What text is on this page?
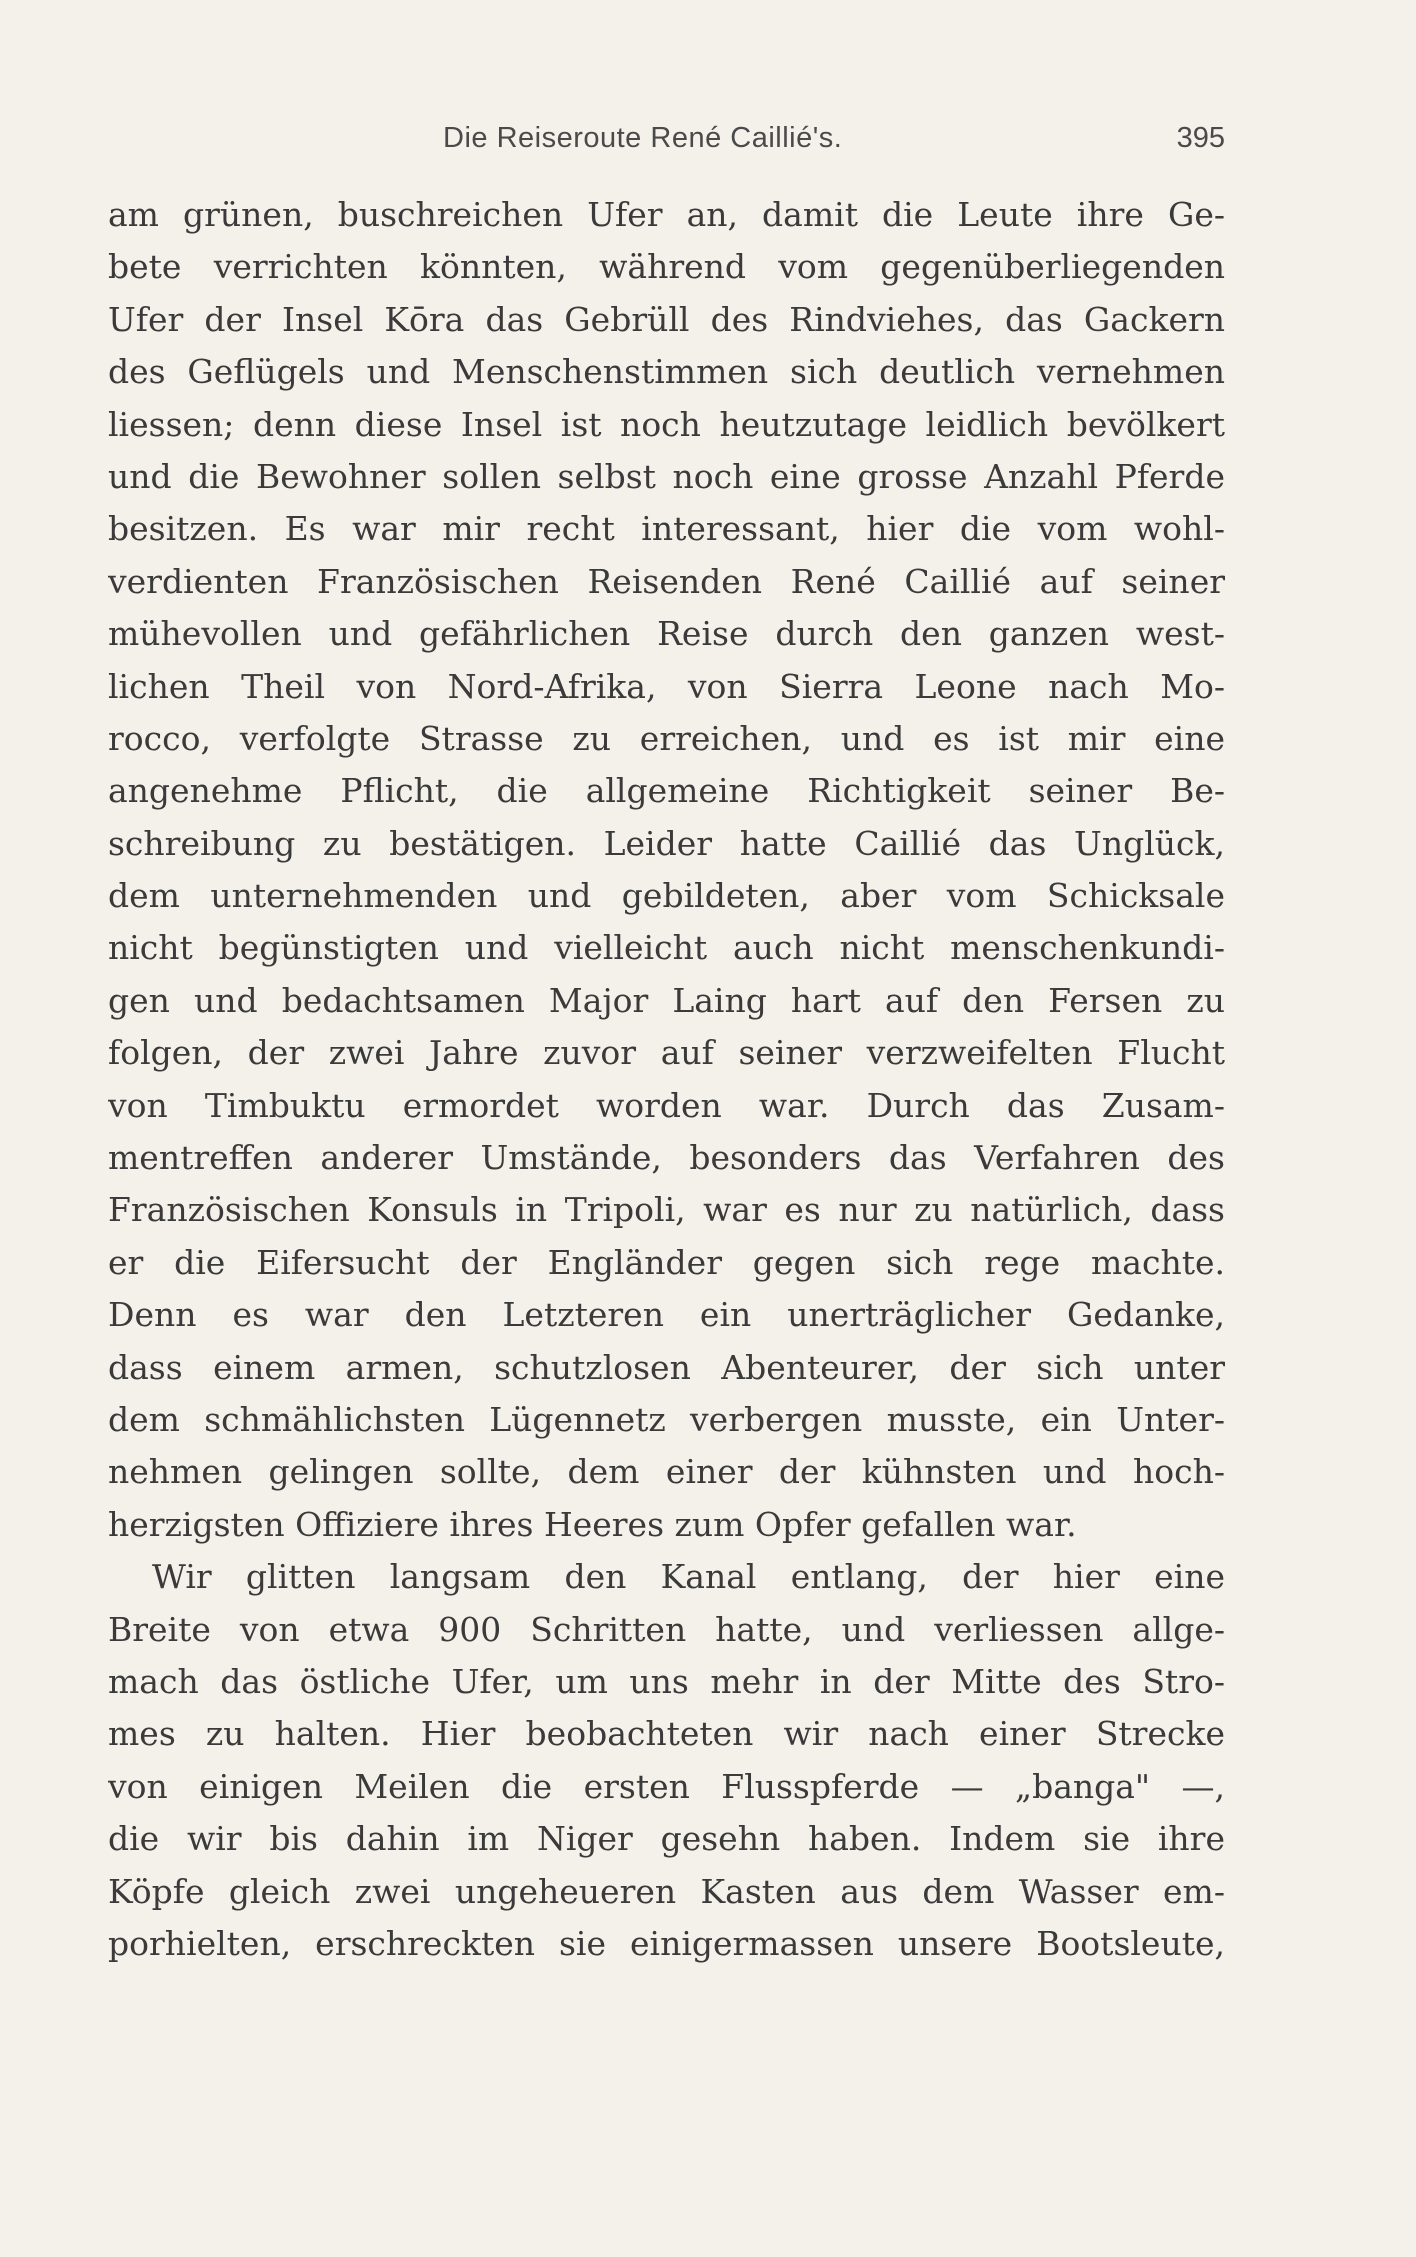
Die Reiseroute René Caillié's.	395
am grünen, buschreichen Ufer an, damit die Leute ihre Ge-
bete verrichten könnten, während vom gegenüberliegenden
Ufer der Insel Kōra das Gebrüll des Rindviehes, das Gackern
des Geflügels und Menschenstimmen sich deutlich vernehmen
liessen; denn diese Insel ist noch heutzutage leidlich bevölkert
und die Bewohner sollen selbst noch eine grosse Anzahl Pferde
besitzen. Es war mir recht interessant, hier die vom wohl-
verdienten Französischen Reisenden René Caillié auf seiner
mühevollen und gefährlichen Reise durch den ganzen west-
lichen Theil von Nord-Afrika, von Sierra Leone nach Mo-
rocco, verfolgte Strasse zu erreichen, und es ist mir eine
angenehme Pflicht, die allgemeine Richtigkeit seiner Be-
schreibung zu bestätigen. Leider hatte Caillié das Unglück,
dem unternehmenden und gebildeten, aber vom Schicksale
nicht begünstigten und vielleicht auch nicht menschenkundi-
gen und bedachtsamen Major Laing hart auf den Fersen zu
folgen, der zwei Jahre zuvor auf seiner verzweifelten Flucht
von Timbuktu ermordet worden war. Durch das Zusam-
mentreffen anderer Umstände, besonders das Verfahren des
Französischen Konsuls in Tripoli, war es nur zu natürlich, dass
er die Eifersucht der Engländer gegen sich rege machte.
Denn es war den Letzteren ein unerträglicher Gedanke,
dass einem armen, schutzlosen Abenteurer, der sich unter
dem schmählichsten Lügennetz verbergen musste, ein Unter-
nehmen gelingen sollte, dem einer der kühnsten und hoch-
herzigsten Offiziere ihres Heeres zum Opfer gefallen war.
Wir glitten langsam den Kanal entlang, der hier eine
Breite von etwa 900 Schritten hatte, und verliessen allge-
mach das östliche Ufer, um uns mehr in der Mitte des Stro-
mes zu halten. Hier beobachteten wir nach einer Strecke
von einigen Meilen die ersten Flusspferde — „banga" —,
die wir bis dahin im Niger gesehn haben. Indem sie ihre
Köpfe gleich zwei ungeheueren Kasten aus dem Wasser em-
porhielten, erschreckten sie einigermassen unsere Bootsleute,
